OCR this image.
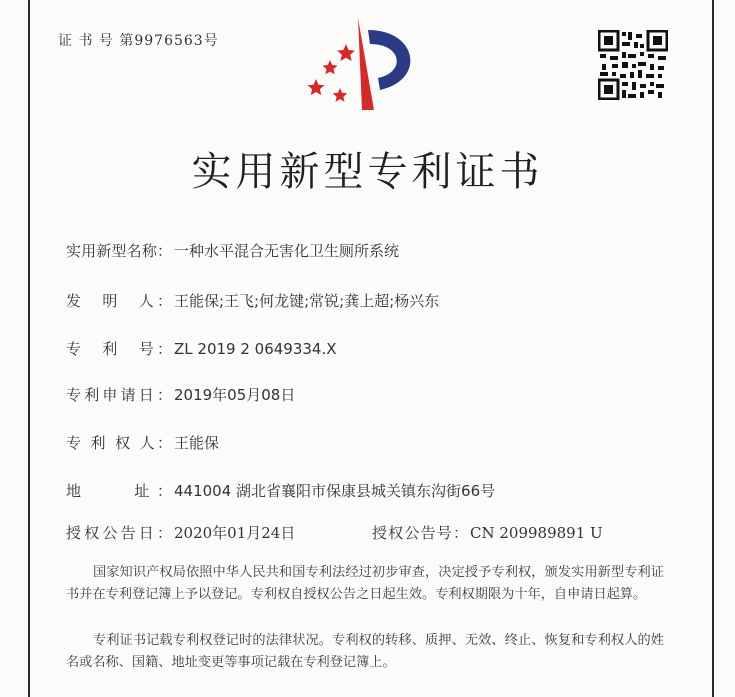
证 书 号 第9976563号
实用新型专利证书
实用新型名称： 一种水平混合无害化卫生厕所系统
发　明　人： 王能保;王飞;何龙键;常锐;龚上超;杨兴东
专　利　号： ZL 2019 2 0649334.X
专利申请日： 2019年05月08日
专 利 权 人： 王能保
地　　址： 441004 湖北省襄阳市保康县城关镇东沟街66号
授权公告日： 2020年01月24日	授权公告号： CN 209989891 U
国家知识产权局依照中华人民共和国专利法经过初步审查，决定授予专利权，颁发实用新型专利证书并在专利登记簿上予以登记。专利权自授权公告之日起生效。专利权期限为十年，自申请日起算。
专利证书记载专利权登记时的法律状况。专利权的转移、质押、无效、终止、恢复和专利权人的姓名或名称、国籍、地址变更等事项记载在专利登记簿上。
